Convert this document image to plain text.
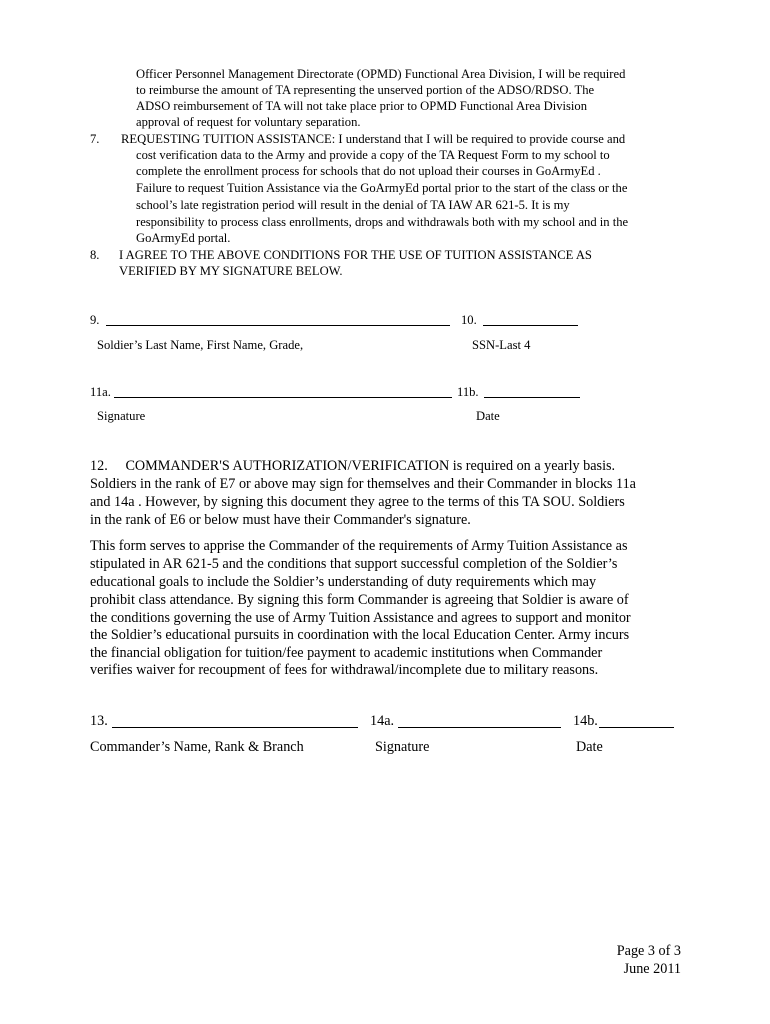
Officer Personnel Management Directorate (OPMD) Functional Area Division, I will be required
to reimburse the amount of TA representing the unserved portion of the ADSO/RDSO. The
ADSO reimbursement of TA will not take place prior to OPMD Functional Area Division
approval of request for voluntary separation.
7. REQUESTING TUITION ASSISTANCE: I understand that I will be required to provide course and
cost verification data to the Army and provide a copy of the TA Request Form to my school to
complete the enrollment process for schools that do not upload their courses in GoArmyEd .
Failure to request Tuition Assistance via the GoArmyEd portal prior to the start of the class or the
school’s late registration period will result in the denial of TA IAW AR 621-5. It is my
responsibility to process class enrollments, drops and withdrawals both with my school and in the
GoArmyEd portal.
8. I AGREE TO THE ABOVE CONDITIONS FOR THE USE OF TUITION ASSISTANCE AS
VERIFIED BY MY SIGNATURE BELOW.
9.	10.
Soldier’s Last Name, First Name, Grade,	SSN-Last 4
11a.	11b.
Signature	Date
12.     COMMANDER'S AUTHORIZATION/VERIFICATION is required on a yearly basis.
Soldiers in the rank of E7 or above may sign for themselves and their Commander in blocks 11a
and 14a . However, by signing this document they agree to the terms of this TA SOU. Soldiers
in the rank of E6 or below must have their Commander's signature.
This form serves to apprise the Commander of the requirements of Army Tuition Assistance as
stipulated in AR 621-5 and the conditions that support successful completion of the Soldier’s
educational goals to include the Soldier’s understanding of duty requirements which may
prohibit class attendance. By signing this form Commander is agreeing that Soldier is aware of
the conditions governing the use of Army Tuition Assistance and agrees to support and monitor
the Soldier’s educational pursuits in coordination with the local Education Center. Army incurs
the financial obligation for tuition/fee payment to academic institutions when Commander
verifies waiver for recoupment of fees for withdrawal/incomplete due to military reasons.
13.	14a.	14b.
Commander’s Name, Rank & Branch	Signature	Date
Page 3 of 3
June 2011
